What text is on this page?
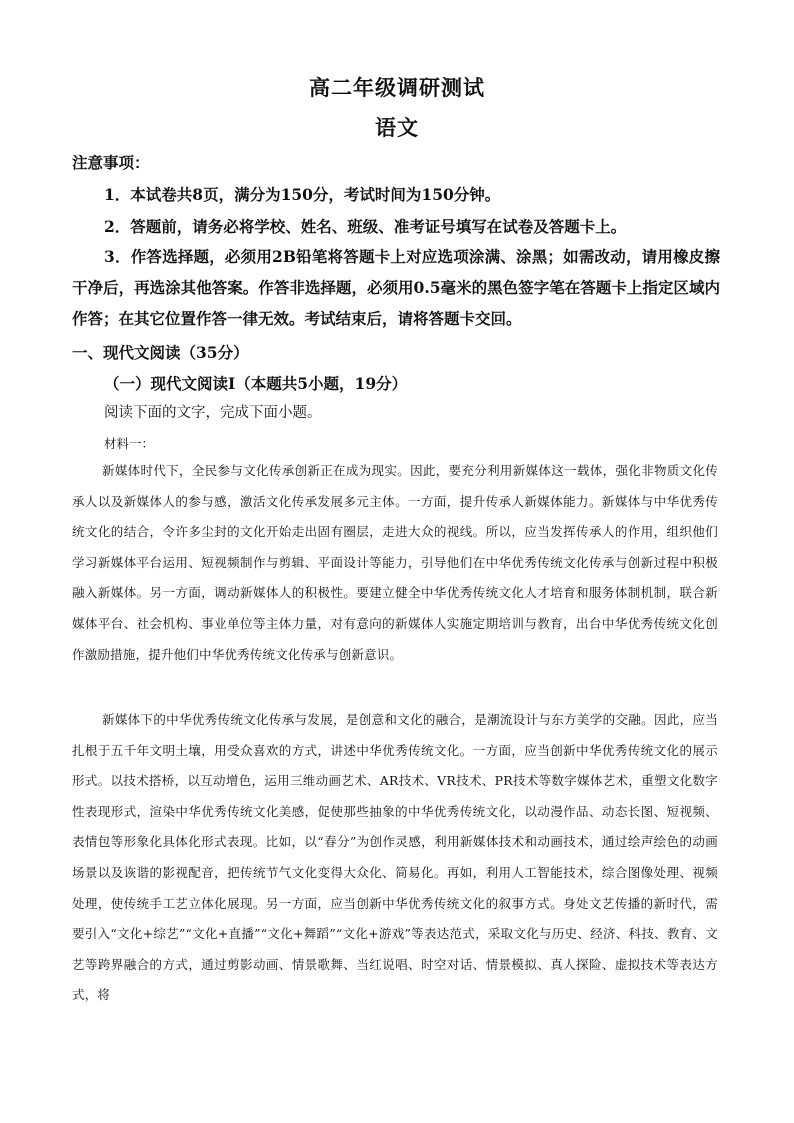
高二年级调研测试
语文
注意事项：
1．本试卷共8页，满分为150分，考试时间为150分钟。
2．答题前，请务必将学校、姓名、班级、准考证号填写在试卷及答题卡上。
3．作答选择题，必须用2B铅笔将答题卡上对应选项涂满、涂黑；如需改动，请用橡皮擦干净后，再选涂其他答案。作答非选择题，必须用0.5毫米的黑色签字笔在答题卡上指定区域内作答；在其它位置作答一律无效。考试结束后，请将答题卡交回。
一、现代文阅读（35分）
（一）现代文阅读Ⅰ（本题共5小题，19分）
阅读下面的文字，完成下面小题。
材料一：
新媒体时代下，全民参与文化传承创新正在成为现实。因此，要充分利用新媒体这一载体，强化非物质文化传承人以及新媒体人的参与感，激活文化传承发展多元主体。一方面，提升传承人新媒体能力。新媒体与中华优秀传统文化的结合，令许多尘封的文化开始走出固有圈层，走进大众的视线。所以，应当发挥传承人的作用，组织他们学习新媒体平台运用、短视频制作与剪辑、平面设计等能力，引导他们在中华优秀传统文化传承与创新过程中积极融入新媒体。另一方面，调动新媒体人的积极性。要建立健全中华优秀传统文化人才培育和服务体制机制，联合新媒体平台、社会机构、事业单位等主体力量，对有意向的新媒体人实施定期培训与教育，出台中华优秀传统文化创作激励措施，提升他们中华优秀传统文化传承与创新意识。
新媒体下的中华优秀传统文化传承与发展，是创意和文化的融合，是潮流设计与东方美学的交融。因此，应当扎根于五千年文明土壤，用受众喜欢的方式，讲述中华优秀传统文化。一方面，应当创新中华优秀传统文化的展示形式。以技术搭桥，以互动增色，运用三维动画艺术、AR技术、VR技术、PR技术等数字媒体艺术，重塑文化数字性表现形式，渲染中华优秀传统文化美感，促使那些抽象的中华优秀传统文化，以动漫作品、动态长图、短视频、表情包等形象化具体化形式表现。比如，以“春分”为创作灵感，利用新媒体技术和动画技术，通过绘声绘色的动画场景以及诙谐的影视配音，把传统节气文化变得大众化、简易化。再如，利用人工智能技术，综合图像处理、视频处理，使传统手工艺立体化展现。另一方面，应当创新中华优秀传统文化的叙事方式。身处文艺传播的新时代，需要引入“文化+综艺”“文化+直播”“文化+舞蹈”“文化+游戏”等表达范式，采取文化与历史、经济、科技、教育、文艺等跨界融合的方式，通过剪影动画、情景歌舞、当红说唱、时空对话、情景模拟、真人探险、虚拟技术等表达方式，将
